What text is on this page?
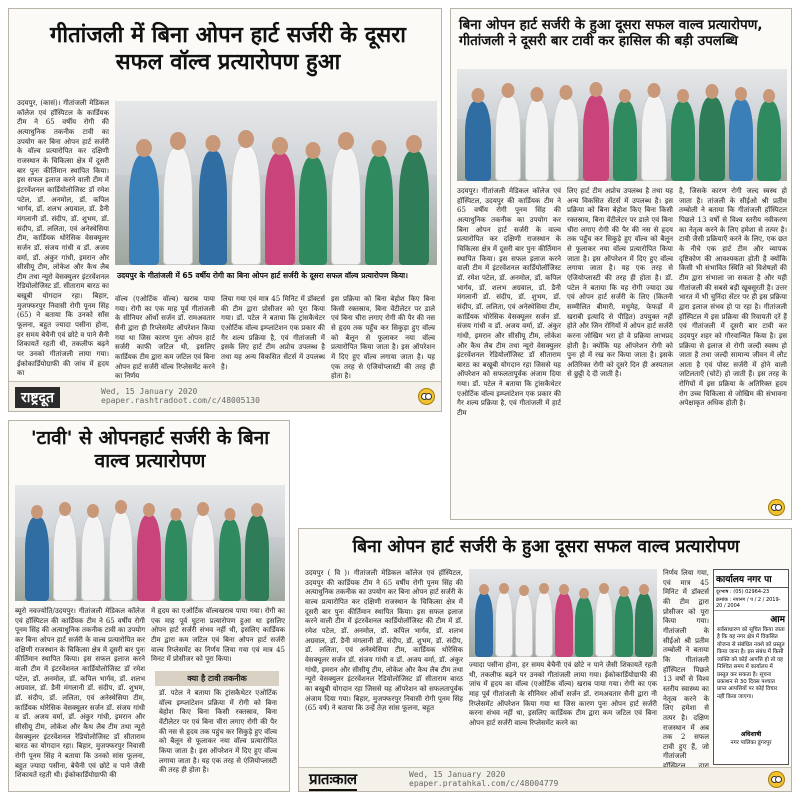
गीतांजली में बिना ओपन हार्ट सर्जरी के दूसरा सफल वॉल्व प्रत्यारोपण हुआ
उदयपुर, (कासं)। गीतांजली मेडिकल कॉलेज एवं हॉस्पिटल के कार्डियक टीम ने 65 वर्षीय रोगी की अत्याधुनिक तकनीक टावी का उपयोग कर बिना ओपन हार्ट सर्जरी के वॉल्व प्रत्यारोपित कर दक्षिणी राजस्थान के चिकित्सा क्षेत्र में दूसरी बार पुनः कीर्तिमान स्थापित किया। इस सफल इलाज करने वाली टीम में इंटरवेंशनल कार्डियोलोजिस्ट डॉ रमेश पटेल, डॉ. अनमोल, डॉ. कपिल भार्गव, डॉ. शलभ अग्रवाल, डॉ. डैनी मंगलानी डॉ. संदीप, डॉ. शुभम, डॉ. संदीप, डॉ. ललिता, एवं अनेस्थेसिया टीम, कार्डियक थोरेसिक वेसक्यूलर सर्जन डॉ. संजय गांधी व डॉ. अजय वर्मा, डॉ. अंकुर गांधी, इमरान और सीसीयू टीम, लोकेश और कैथ लैब टीम तथा न्यूरो वेसक्युलर इंटरवेंशनल रेडियोलोजिस्ट डॉ. सीताराम बारठ का बखूबी योगदान रहा। बिहार, मुजफ्फरपुर निवासी रोगी पूनम सिंह (65) ने बताया कि उनको साँस फूलना, बहुत ज्यादा पसीना होना, हर समय बेचैनी एवं छोटे व पाने सैनी शिकायतें रहती थी, तकलीफ बढ़ने पर उनको गीतांजली लाया गया। ईकोकार्डियोग्राफी की जांच में हृदय का
उदयपुर के गीतांजली में 65 वर्षीय रोगी का बिना ओपन हार्ट सर्जरी के दूसरा सफल वॉल्व प्रत्यारोपण किया।
वॉल्व (एओर्टिक वॉल्व) खराब पाया गया। रोगी का एक माह पूर्व गीतांजली के सीनियर ऑर्थो सर्जन डॉ. रामअवतार सैनी द्वारा ही रिप्लेसमेंट ऑपरेशन किया गया था जिस कारण पुनः ओपन हार्ट सर्जरी काफी जटिल थी, इसलिए कार्डियक टीम द्वारा कम जटिल एवं बिना ओपन हार्ट सर्जरी वॉल्व रिप्लेसमेंट करने का निर्णय
लिया गया एवं मात्र 45 मिनिट में डॉक्टर्स की टीम द्वारा प्रोसीजर को पूरा किया गया। डॉ. पटेल ने बताया कि ट्रांसकैथेटर एओर्टिक वॉल्व इम्प्लांटेशन एक प्रकार की गैर शल्य प्रक्रिया है, एवं गीतांजली में इसके लिए हार्ट टीम अप्रोच उपलब्ध है तथा यह अन्य विकसित सेंटर्स में उपलब्ध है।
इस प्रक्रिया को बिना बेहोश किए बिना किसी रक्तस्राव, बिना वेंटीलेटर पर डाले एवं बिना चीरा लगाए रोगी की पैर की नस से हृदय तक पहुँच कर सिकुड़ा हुए वॉल्व को बैलून से फूलाकर नया वॉल्व प्रत्यारोपित किया जाता है। इस ऑपरेशन में दिए हुए वॉल्व लगाया जाता है। यह एक तरह से एंजियोप्लास्टी की तरह ही होता है।
राष्ट्रदूत	Wed, 15 January 2020
epaper.rashtradoot.com/c/48005130
बिना ओपन हार्ट सर्जरी के हुआ दूसरा सफल वाल्व प्रत्यारोपण, गीतांजली ने दूसरी बार टावी कर हासिल की बड़ी उपलब्धि
उदयपुर। गीतांजली मेडिकल कॉलेज एवं हॉस्पिटल, उदयपुर की कार्डियक टीम ने 65 वर्षीय रोगी पूनम सिंह की अत्याधुनिक तकनीक का उपयोग कर बिना ओपन हार्ट सर्जरी के वाल्व प्रत्यारोपित कर दक्षिणी राजस्थान के चिकित्सा क्षेत्र में दूसरी बार पुनः कीर्तिमान स्थापित किया। इस सफल इलाज करने वाली टीम में इंटरवेंशनल कार्डियोलॉजिस्ट डॉ. रमेश पटेल, डॉ. अनमोल, डॉ. कपिल भार्गव, डॉ. शलभ अग्रवाल, डॉ. डैनी मंगलानी डॉ. संदीप, डॉ. शुभम, डॉ. संदीप, डॉ. ललिता, एवं अनेस्थेसिया टीम, कार्डियक थोरेसिक वेसक्यूलर सर्जन डॉ. संजय गांधी व डॉ. अजय वर्मा, डॉ. अंकुर गांधी, इमरान और सीसीयू टीम, लोकेश और कैथ लैब टीम तथा न्यूरो वेसक्युलर इंटरवेंशनल रेडियोलॉजिस्ट डॉ सीताराम बारठ का बखूबी योगदान रहा जिससे यह ऑपरेशन को सफलतापूर्वक अंजाम दिया गया। डॉ. पटेल ने बताया कि ट्रांसकैथेटर एओर्टिक वॉल्व इम्प्लांटेशन एक प्रकार की गैर शल्य प्रक्रिया है, एवं गीतांजली में हार्ट टीम
लिए हार्ट टीम अप्रोच उपलब्ध है तथा यह अन्य विकसित सेंटर्स में उपलब्ध है। इस प्रक्रिया को बिना बेहोश किए बिना किसी रक्तस्राव, बिना वेंटीलेटर पर डाले एवं बिना चीरा लगाए रोगी की पैर की नस से हृदय तक पहुँच कर सिकुड़े हुए वॉल्व को बैलून से फूलाकर नया वॉल्व प्रत्यारोपित किया जाता है। इस ऑपरेशन में दिए हुए वॉल्व लगाया जाता है। यह एक तरह से एंजियोप्लास्टी की तरह ही होता है। डॉ. पटेल ने बताया कि यह रोगी ज्यादा उम्र एवं ओपन हार्ट सर्जरी के लिए (कितनी सम्मीलित बीमारी, मधुमेह, फेफड़ों में खराबी इत्यादि से पीड़ित) उपयुक्त नहीं होते और जिन रोगियों में ओपन हार्ट सर्जरी करना जोखिम भरा हो वे प्रक्रिया लाभप्रद होती है। क्योंकि यह ऑपरेशन रोगी को पुनः हो में रख कर किया जाता है। इसके अतिरिक्त रोगी को दूसरे दिन ही अस्पताल से छुट्टी दे दी जाती है।
है, जिसके कारण रोगी जल्द स्वस्थ हो जाता है। तांजली के सीईओ श्री प्रतीम तम्बोली ने बताया कि गीतांजली हॉस्पिटल पिछले 13 वर्षों से विश्व स्तरीय नवीकरण का नेतृत्व करने के लिए हमेशा से तत्पर है। टावी जैसी प्रक्रियाएँ करने के लिए, एक छत के नीचे एक हार्ट टीम और व्यापक दृष्टिकोण की आवश्यकता होती है क्योंकि किसी भी संभावित स्थिति को विशेषज्ञों की टीम द्वारा संभाला जा सकता है और यही गीतांजली की सबसे बड़ी खूबसूरती है। उत्तर भारत में भी चुनिंदा सेंटर पर ही इस प्रक्रिया द्वारा इलाज संभव हो पा रहा है। गीतांजली हॉस्पिटल में इस प्रक्रिया की रिवायती दरें हैं एवं गीतांजली में दूसरी बार टावी कर उदयपुर शहर को गौरवान्वित किया है। इस प्रक्रिया से इलाज से रोगी जल्दी स्वस्थ हो जाता है तथा जल्दी सामान्य जीवन में लौट आता है एवं पोस्ट सर्जरी में होने वाली जटिलताएँ (चोटें) हो जाती हैं। इस तरह के रोगियों में इस प्रक्रिया के अतिरिक्त हृदय रोग उच्च चिकित्सा से जोखिम की संभावना अपेक्षाकृत अधिक होती है।
'टावी' से ओपनहार्ट सर्जरी के बिना वाल्व प्रत्यारोपण
ब्यूरो नवज्योति/उदयपुर। गीतांजली मेडिकल कॉलेज एवं हॉस्पिटल की कार्डियक टीम ने 65 वर्षीय रोगी पूनम सिंह की अत्याधुनिक तकनीक टावी का उपयोग कर बिना ओपन हार्ट सर्जरी के वाल्व प्रत्यारोपित कर दक्षिणी राजस्थान के चिकित्सा क्षेत्र में दूसरी बार पुनः कीर्तिमान स्थापित किया। इस सफल इलाज करने वाली टीम में इंटरवेंशनल कार्डियोलोजिस्ट डॉ रमेश पटेल, डॉ. अनमोल, डॉ. कपिल भार्गव, डॉ. शलभ अग्रवाल, डॉ. डैनी मंगलानी डॉ. संदीप, डॉ. शुभम, डॉ. संदीप, डॉ. ललिता, एवं अनेस्थेसिया टीम, कार्डियक थोरेसिक वेसक्यूलर सर्जन डॉ. संजय गांधी व डॉ. अजय वर्मा, डॉ. अंकुर गांधी, इमरान और सीसीयू टीम, लोकेश और कैथ लैब टीम तथा न्यूरो वेसक्युलर इंटरवेंशनल रेडियोलोजिस्ट डॉ सीताराम बारठ का योगदान रहा। बिहार, मुजफ्फरपुर निवासी रोगी पूनम सिंह ने बताया कि उनको सांस फूलना, बहुत ज्यादा पसीना, बेचैनी एवं छोटे व पाने जैसी शिकायतें रहती थी। ईकोकार्डियोग्राफी की
में हृदय का एओर्टिक वॉल्वखराब पाया गया। रोगी का एक माह पूर्व घुटना प्रत्यारोपण हुआ था इसलिए ओपन हार्ट सर्जरी संभव नहीं थी, इसलिए कार्डियक टीम द्वारा कम जटिल एवं बिना ओपन हार्ट सर्जरी वाल्व रिप्लेसमेंट का निर्णय लिया गया एवं मात्र 45 मिनट में प्रोसीजर को पूरा किया।
क्या है टावी तकनीक
डॉ. पटेल ने बताया कि ट्रांसकैथेटर एओर्टिक वॉल्व इम्प्लांटेशन प्रक्रिया में रोगी को बिना बेहोश किए बिना किसी रक्तस्राव, बिना वेंटीलेटर पर एवं बिना चीरा लगाए रोगी की पैर की नस से हृदय तक पहुंच कर सिकुड़े हुए वॉल्व को बैलून से फूलाकर नया वॉल्व प्रत्यारोपित किया जाता है। इस ऑपरेशन में दिए हुए वॉल्व लगाया जाता है। यह एक तरह से एंजियोप्लास्टी की तरह ही होता है।
बिना ओपन हार्ट सर्जरी के हुआ दूसरा सफल वाल्व प्रत्यारोपण
उदयपुर ( वि )। गीतांजली मेडिकल कॉलेज एवं हॉस्पिटल, उदयपुर की कार्डियक टीम ने 65 वर्षीय रोगी पूनम सिंह की अत्याधुनिक तकनीक का उपयोग कर बिना ओपन हार्ट सर्जरी के वाल्व प्रत्यारोपित कर दक्षिणी राजस्थान के चिकित्सा क्षेत्र में दूसरी बार पुनः कीर्तिमान स्थापित किया। इस सफल इलाज करने वाली टीम में इंटरवेंशनल कार्डियोलॉजिस्ट की टीम में डॉ. रमेश पटेल, डॉ. अनमोल, डॉ. कपिल भार्गव, डॉ. शलभ अग्रवाल, डॉ. डैनी मंगलानी डॉ. संदीप, डॉ. शुभम, डॉ. संदीप, डॉ. ललिता, एवं अनेस्थेसिया टीम, कार्डियक थोरेसिक वेसक्यूलर सर्जन डॉ. संजय गांधी व डॉ. अजय वर्मा, डॉ. अंकुर गांधी, इमरान और सीसीयू टीम, लोकेश और कैथ लैब टीम तथा न्यूरो वेसक्युलर इंटरवेंशनल रेडियोलोजिस्ट डॉ सीताराम बारठ का बखूबी योगदान रहा जिससे यह ऑपरेशन को सफलतापूर्वक अंजाम दिया गया। बिहार, मुजफ्फरपुर निवासी रोगी पूनम सिंह (65 वर्ष) ने बताया कि उन्हें तेज़ सांस फूलना, बहुत
ज्यादा पसीना होना, हर समय बेचैनी एवं छोटे न पाने जैसी शिकायतें रहती थी, तकलीफ बढ़ने पर उनको गीतांजली लाया गया। ईकोकार्डियोग्राफी की जांच में हृदय का वॉल्व (एओर्टिक वॉल्व) खराब पाया गया। रोगी का एक माह पूर्व गीतांजली के सीनियर ऑर्थो सर्जन डॉ. रामअवतार सैनी द्वारा नी रिप्लेसमेंट ऑपरेशन किया गया था जिस कारण पुनः ओपन हार्ट सर्जरी करना संभव नहीं था, इसलिए कार्डियक टीम द्वारा कम जटिल एवं बिना ओपन हार्ट सर्जरी वाल्व रिप्लेसमेंट करने का
निर्णय लिया गया, एवं मात्र 45 मिनिट में डॉक्टर्स की टीम द्वारा प्रोसीजर को पूरा किया गया। गीतांजली के सीईओ श्री प्रतीम तम्बोली ने बताया कि गीतांजली हॉस्पिटल पिछले 13 वर्षों से विश्व स्तरीय स्वास्थ्य का नेतृत्व करने के लिए हमेशा से तत्पर है। दक्षिण राजस्थान में अब तक 2 सफल टावी हुए हैं, जो गीतांजली
कार्यालय नगर पा
दूरभाष : (05) 02964-23
क्रमांक : नपानग / प / 2 / 2019-20 / 2004
आम
सर्वसाधारण को सूचित किया जाता है कि यह नगर क्षेत्र में विकसित योजना से संबंधित नक्शे को प्रस्तुत किया जाना है। इस संबंध में किसी व्यक्ति को कोई आपत्ति हो तो वह निश्चित समय में कार्यालय में प्रस्तुत कर सकता है। सूचना प्रकाशन से 30 दिवस पश्चात प्राप्त आपत्तियों पर कोई विचार नहीं किया जाएगा।
अधिशाषी
नगर पालिका डूंगरपुर
प्रातःकाल	Wed, 15 January 2020
epaper.pratahkal.com/c/48004779
